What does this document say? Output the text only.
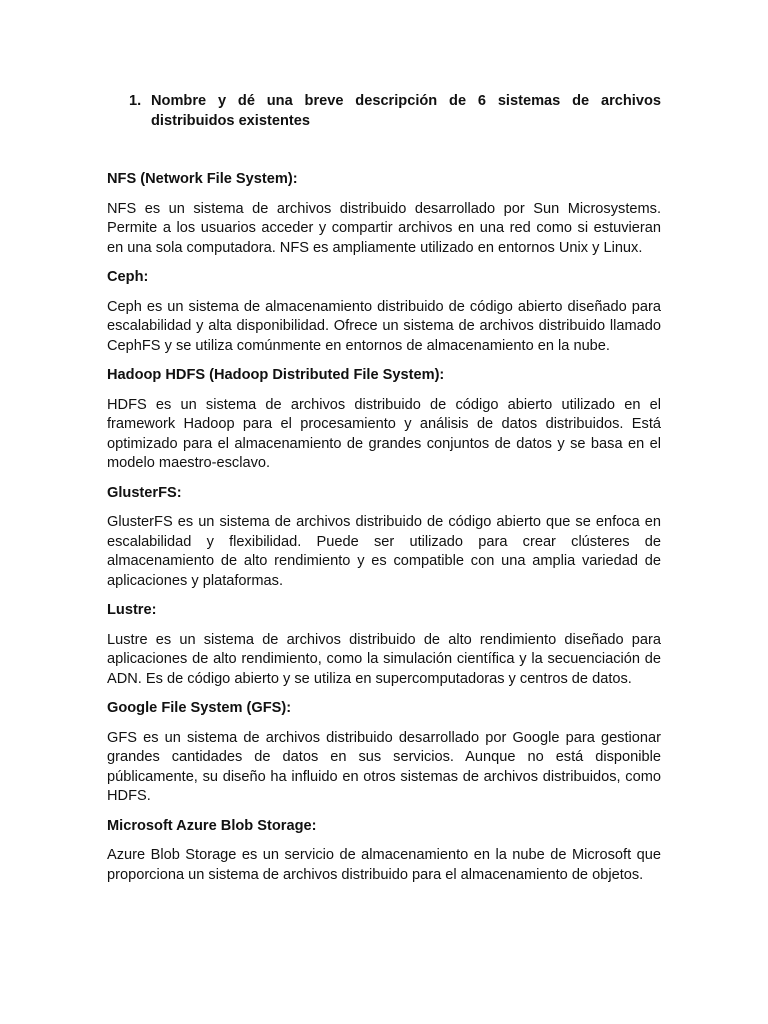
1. Nombre y dé una breve descripción de 6 sistemas de archivos distribuidos existentes
NFS (Network File System):
NFS es un sistema de archivos distribuido desarrollado por Sun Microsystems. Permite a los usuarios acceder y compartir archivos en una red como si estuvieran en una sola computadora. NFS es ampliamente utilizado en entornos Unix y Linux.
Ceph:
Ceph es un sistema de almacenamiento distribuido de código abierto diseñado para escalabilidad y alta disponibilidad. Ofrece un sistema de archivos distribuido llamado CephFS y se utiliza comúnmente en entornos de almacenamiento en la nube.
Hadoop HDFS (Hadoop Distributed File System):
HDFS es un sistema de archivos distribuido de código abierto utilizado en el framework Hadoop para el procesamiento y análisis de datos distribuidos. Está optimizado para el almacenamiento de grandes conjuntos de datos y se basa en el modelo maestro-esclavo.
GlusterFS:
GlusterFS es un sistema de archivos distribuido de código abierto que se enfoca en escalabilidad y flexibilidad. Puede ser utilizado para crear clústeres de almacenamiento de alto rendimiento y es compatible con una amplia variedad de aplicaciones y plataformas.
Lustre:
Lustre es un sistema de archivos distribuido de alto rendimiento diseñado para aplicaciones de alto rendimiento, como la simulación científica y la secuenciación de ADN. Es de código abierto y se utiliza en supercomputadoras y centros de datos.
Google File System (GFS):
GFS es un sistema de archivos distribuido desarrollado por Google para gestionar grandes cantidades de datos en sus servicios. Aunque no está disponible públicamente, su diseño ha influido en otros sistemas de archivos distribuidos, como HDFS.
Microsoft Azure Blob Storage:
Azure Blob Storage es un servicio de almacenamiento en la nube de Microsoft que proporciona un sistema de archivos distribuido para el almacenamiento de objetos.
